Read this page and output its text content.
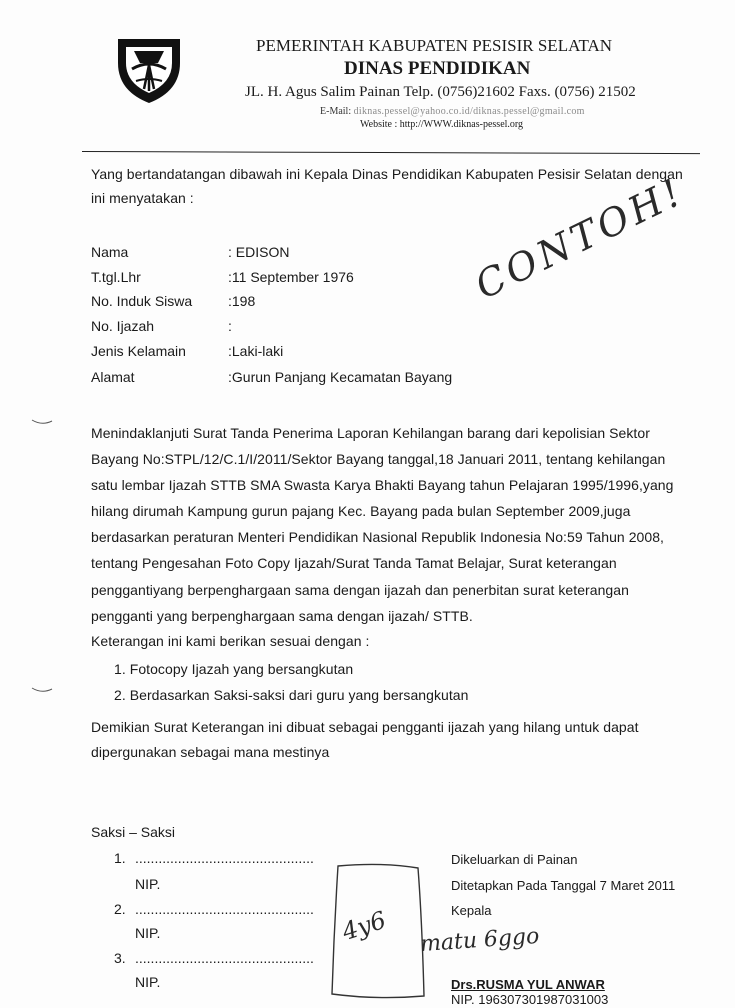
PEMERINTAH KABUPATEN PESISIR SELATAN
DINAS PENDIDIKAN
JL. H. Agus Salim Painan Telp. (0756)21602 Faxs. (0756) 21502
E-Mail: diknas.pessel@yahoo.co.id/diknas.pessel@gmail.com
Website : http://WWW.diknas-pessel.org
Yang bertandatangan dibawah ini Kepala Dinas Pendidikan Kabupaten Pesisir Selatan dengan
ini menyatakan :
Nama	: EDISON
T.tgl.Lhr	:11 September 1976
No. Induk Siswa	:198
No. Ijazah	:
Jenis Kelamain	:Laki-laki
Alamat	:Gurun Panjang Kecamatan Bayang
CONTOH!
Menindaklanjuti Surat Tanda Penerima Laporan Kehilangan barang dari kepolisian Sektor
Bayang No:STPL/12/C.1/I/2011/Sektor Bayang tanggal,18 Januari 2011, tentang kehilangan
satu lembar Ijazah STTB SMA Swasta Karya Bhakti Bayang tahun Pelajaran 1995/1996,yang
hilang dirumah Kampung gurun pajang Kec. Bayang pada bulan September 2009,juga
berdasarkan peraturan Menteri Pendidikan Nasional Republik Indonesia No:59 Tahun 2008,
tentang Pengesahan Foto Copy Ijazah/Surat Tanda Tamat Belajar, Surat keterangan
penggantiyang berpenghargaan sama dengan ijazah dan penerbitan surat keterangan
pengganti yang berpenghargaan sama dengan ijazah/ STTB.
Keterangan ini kami berikan sesuai dengan :
1. Fotocopy Ijazah yang bersangkutan
2. Berdasarkan Saksi-saksi dari guru yang bersangkutan
Demikian Surat Keterangan ini dibuat sebagai pengganti ijazah yang hilang untuk dapat
dipergunakan sebagai mana mestinya
Saksi – Saksi
1. ..............................................
NIP.
2. ..............................................
NIP.
3. ..............................................
NIP.
4y6
Dikeluarkan di Painan
Ditetapkan Pada Tanggal 7 Maret 2011
Kepala
matu 6ggo
Drs.RUSMA YUL ANWAR
NIP. 196307301987031003
